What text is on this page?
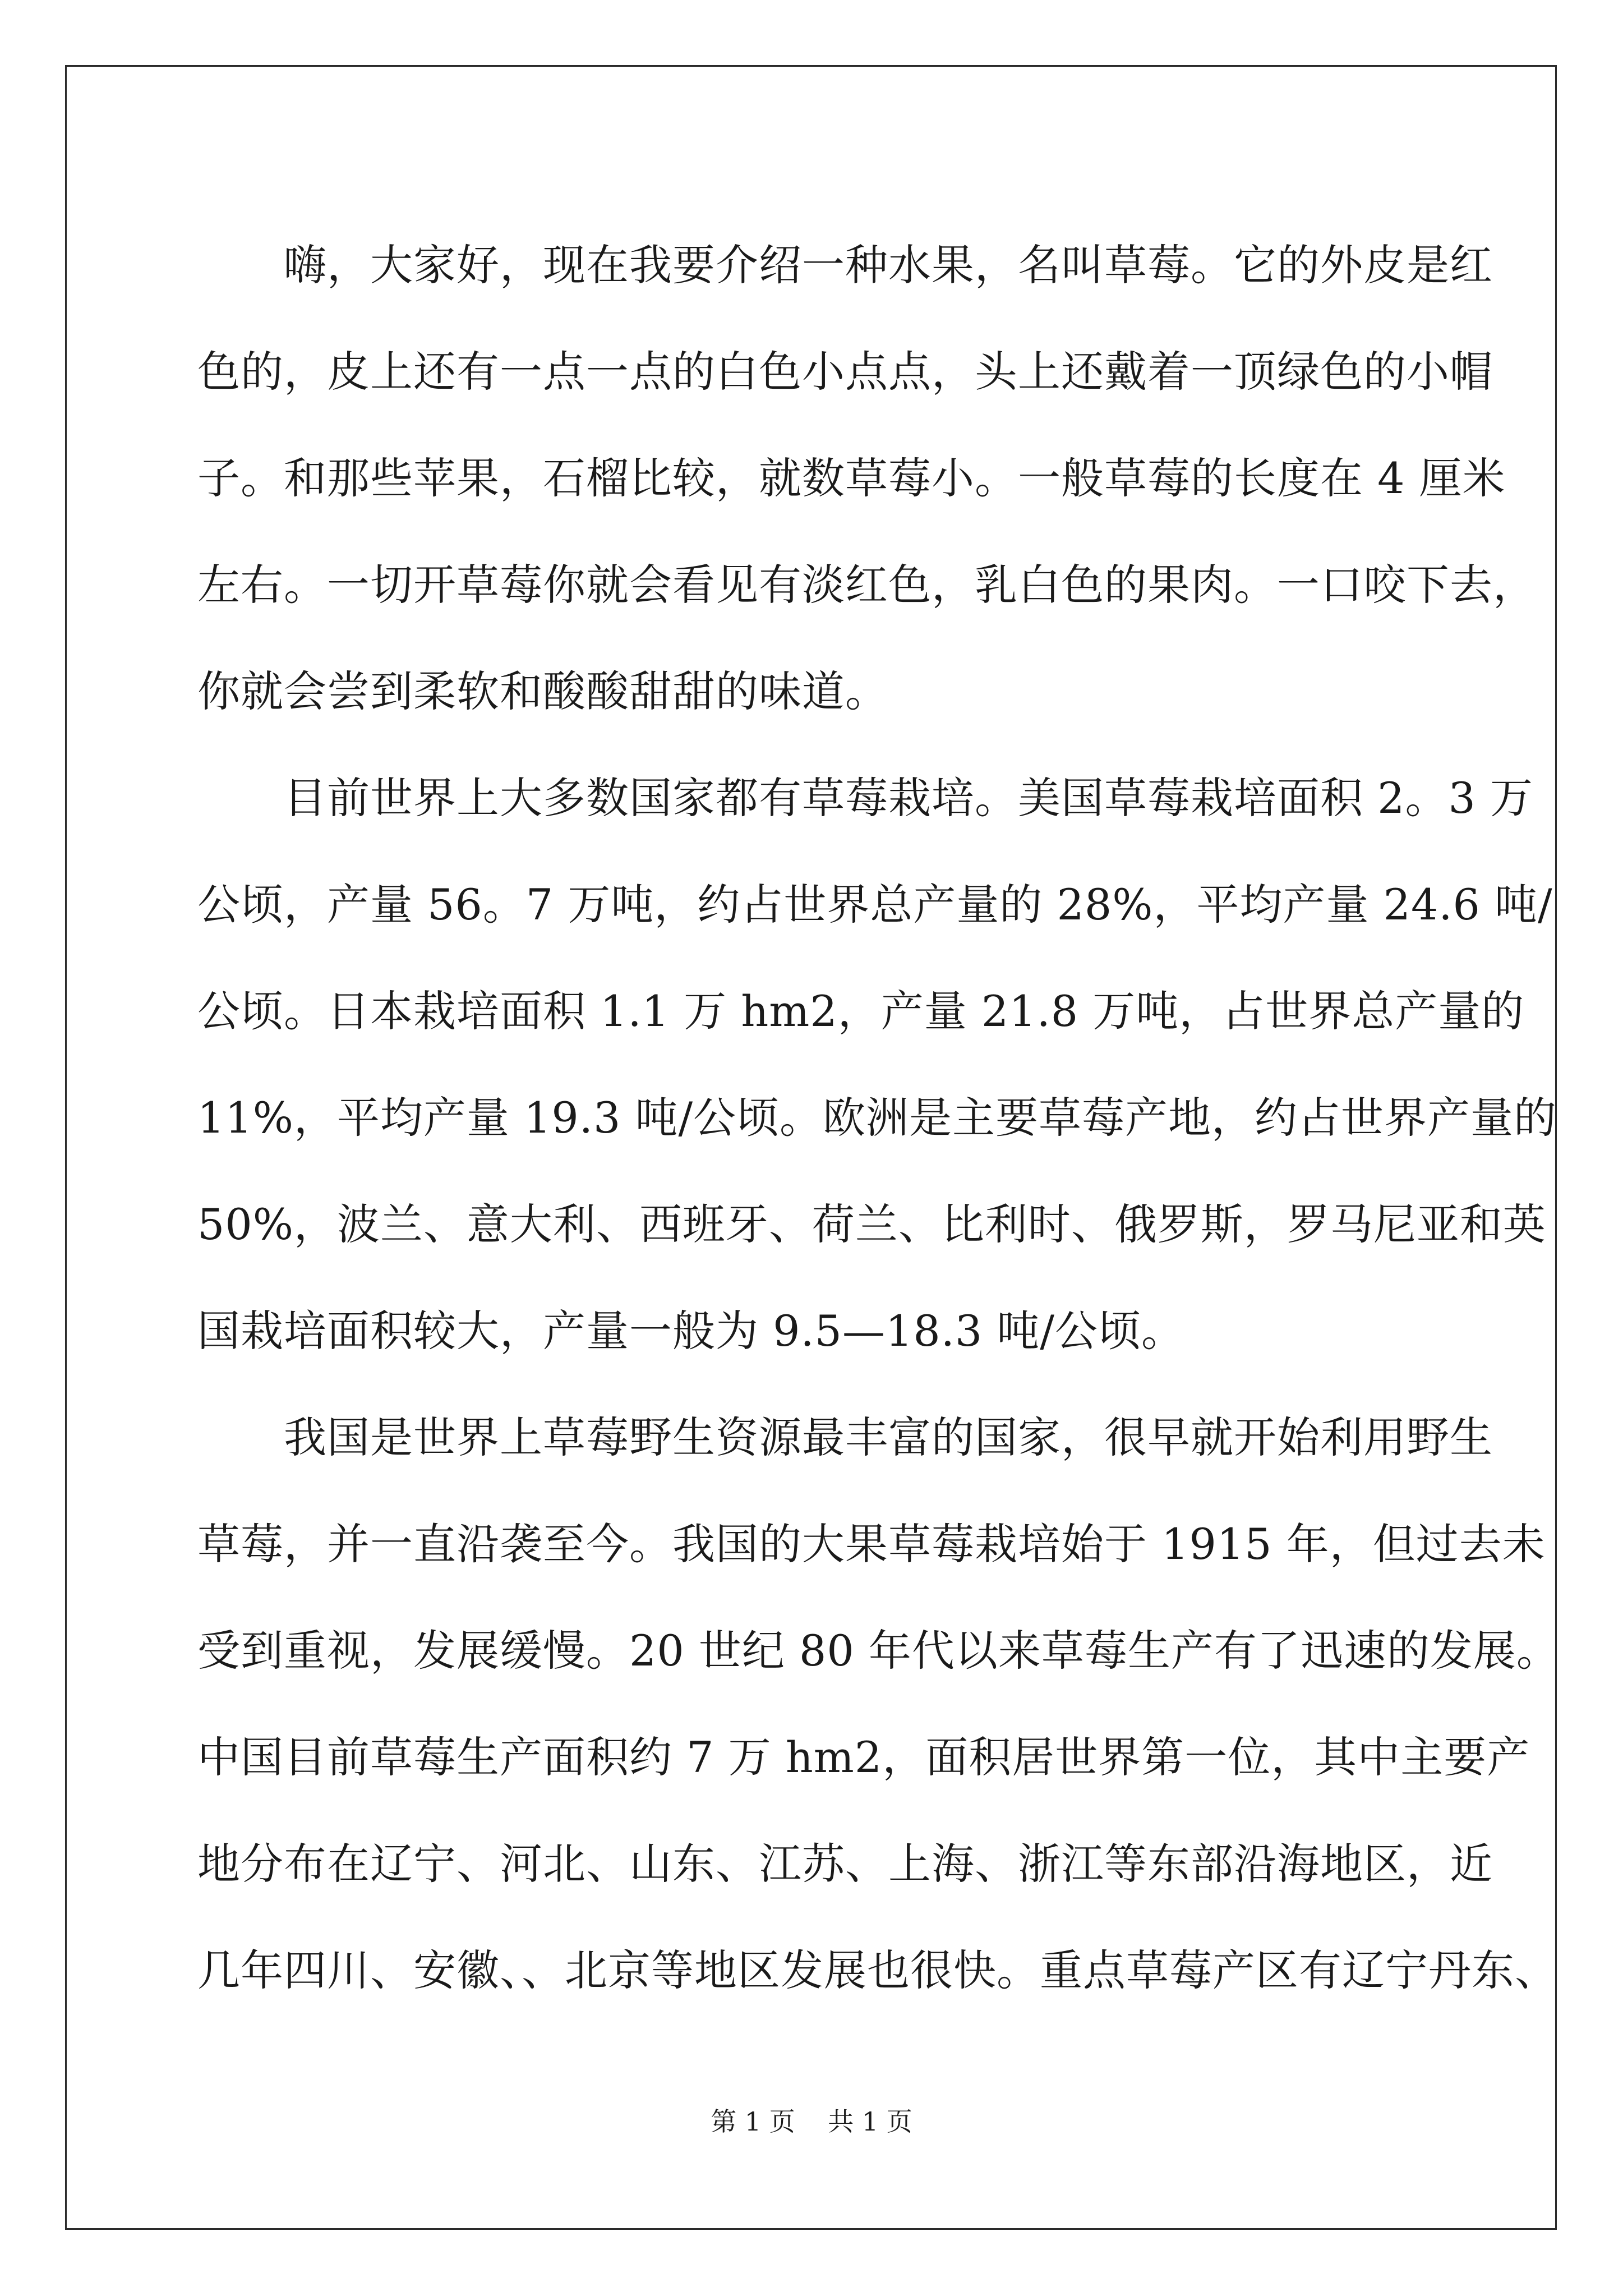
嗨，大家好，现在我要介绍一种水果，名叫草莓。它的外皮是红
色的，皮上还有一点一点的白色小点点，头上还戴着一顶绿色的小帽
子。和那些苹果，石榴比较，就数草莓小。一般草莓的长度在 4 厘米
左右。一切开草莓你就会看见有淡红色，乳白色的果肉。一口咬下去，
你就会尝到柔软和酸酸甜甜的味道。
目前世界上大多数国家都有草莓栽培。美国草莓栽培面积 2。3 万
公顷，产量 56。7 万吨，约占世界总产量的 28%，平均产量 24.6 吨/
公顷。日本栽培面积 1.1 万 hm2，产量 21.8 万吨，占世界总产量的
11%，平均产量 19.3 吨/公顷。欧洲是主要草莓产地，约占世界产量的
50%，波兰、意大利、西班牙、荷兰、比利时、俄罗斯，罗马尼亚和英
国栽培面积较大，产量一般为 9.5—18.3 吨/公顷。
我国是世界上草莓野生资源最丰富的国家，很早就开始利用野生
草莓，并一直沿袭至今。我国的大果草莓栽培始于 1915 年，但过去未
受到重视，发展缓慢。20 世纪 80 年代以来草莓生产有了迅速的发展。
中国目前草莓生产面积约 7 万 hm2，面积居世界第一位，其中主要产
地分布在辽宁、河北、山东、江苏、上海、浙江等东部沿海地区，近
几年四川、安徽、、北京等地区发展也很快。重点草莓产区有辽宁丹东、
第 1 页    共 1 页
